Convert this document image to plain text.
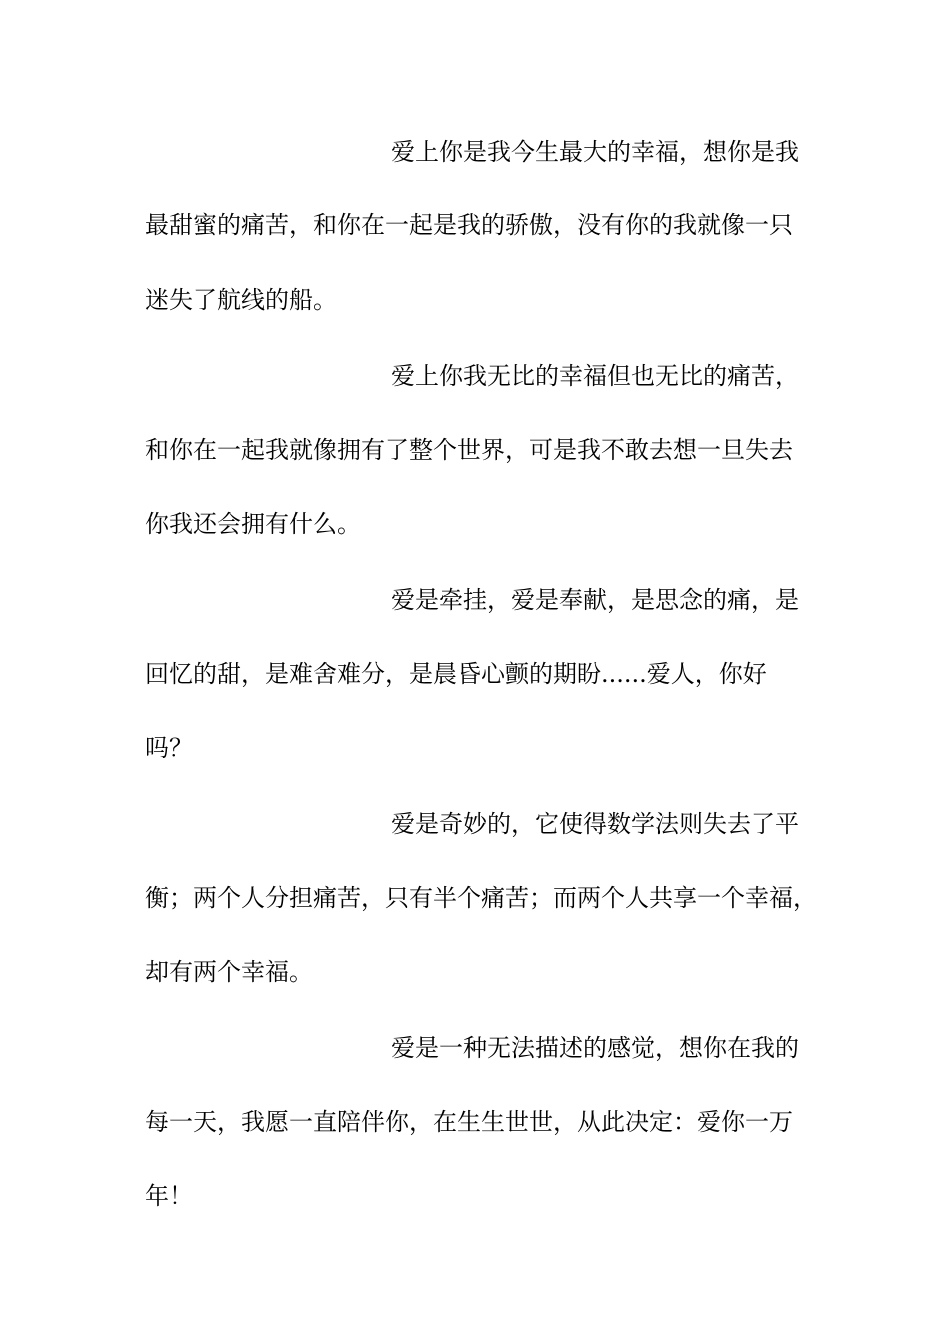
爱上你是我今生最大的幸福，想你是我
最甜蜜的痛苦，和你在一起是我的骄傲，没有你的我就像一只
迷失了航线的船。
爱上你我无比的幸福但也无比的痛苦，
和你在一起我就像拥有了整个世界，可是我不敢去想一旦失去
你我还会拥有什么。
爱是牵挂，爱是奉献，是思念的痛，是
回忆的甜，是难舍难分，是晨昏心颤的期盼......爱人，你好
吗？
爱是奇妙的，它使得数学法则失去了平
衡；两个人分担痛苦，只有半个痛苦；而两个人共享一个幸福，
却有两个幸福。
爱是一种无法描述的感觉，想你在我的
每一天，我愿一直陪伴你，在生生世世，从此决定：爱你一万
年！
